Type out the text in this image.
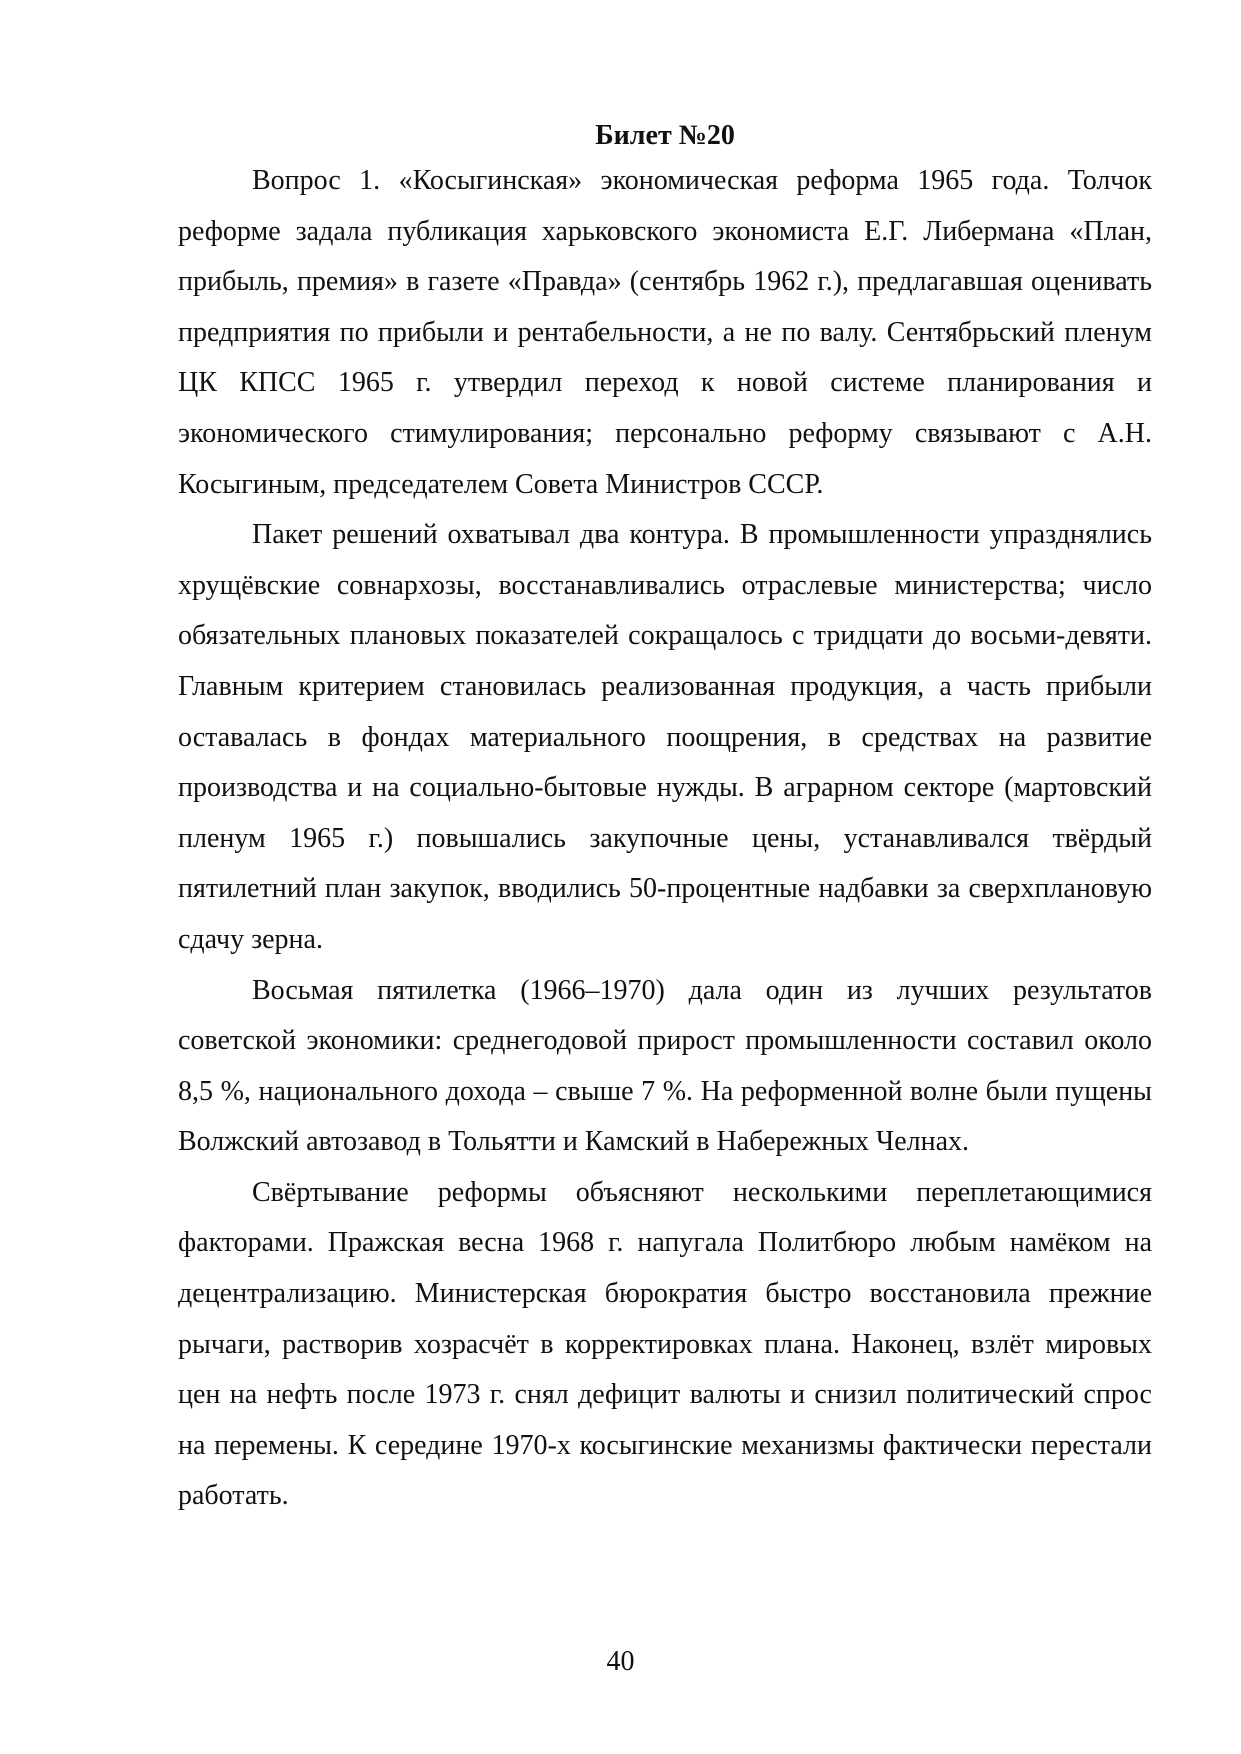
Билет №20

Вопрос 1. «Косыгинская» экономическая реформа 1965 года. Толчок реформе задала публикация харьковского экономиста Е.Г. Либермана «План, прибыль, премия» в газете «Правда» (сентябрь 1962 г.), предлагавшая оценивать предприятия по прибыли и рентабельности, а не по валу. Сентябрьский пленум ЦК КПСС 1965 г. утвердил переход к новой системе планирования и экономического стимулирования; персонально реформу связывают с А.Н. Косыгиным, председателем Совета Министров СССР.

Пакет решений охватывал два контура. В промышленности упразднялись хрущёвские совнархозы, восстанавливались отраслевые министерства; число обязательных плановых показателей сокращалось с тридцати до восьми-девяти. Главным критерием становилась реализованная продукция, а часть прибыли оставалась в фондах материального поощрения, в средствах на развитие производства и на социально-бытовые нужды. В аграрном секторе (мартовский пленум 1965 г.) повышались закупочные цены, устанавливался твёрдый пятилетний план закупок, вводились 50-процентные надбавки за сверхплановую сдачу зерна.

Восьмая пятилетка (1966–1970) дала один из лучших результатов советской экономики: среднегодовой прирост промышленности составил около 8,5 %, национального дохода – свыше 7 %. На реформенной волне были пущены Волжский автозавод в Тольятти и Камский в Набережных Челнах.

Свёртывание реформы объясняют несколькими переплетающимися факторами. Пражская весна 1968 г. напугала Политбюро любым намёком на децентрализацию. Министерская бюрократия быстро восстановила прежние рычаги, растворив хозрасчёт в корректировках плана. Наконец, взлёт мировых цен на нефть после 1973 г. снял дефицит валюты и снизил политический спрос на перемены. К середине 1970-х косыгинские механизмы фактически перестали работать.

40
